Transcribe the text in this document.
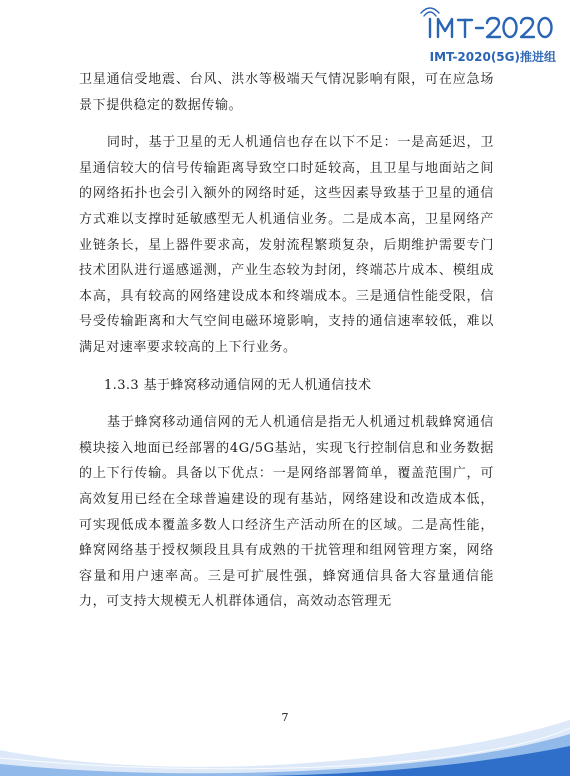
IMT-2020(5G)推进组

卫星通信受地震、台风、洪水等极端天气情况影响有限，可在应急场景下提供稳定的数据传输。

同时，基于卫星的无人机通信也存在以下不足：一是高延迟，卫星通信较大的信号传输距离导致空口时延较高，且卫星与地面站之间的网络拓扑也会引入额外的网络时延，这些因素导致基于卫星的通信方式难以支撑时延敏感型无人机通信业务。二是成本高，卫星网络产业链条长，星上器件要求高，发射流程繁琐复杂，后期维护需要专门技术团队进行遥感遥测，产业生态较为封闭，终端芯片成本、模组成本高，具有较高的网络建设成本和终端成本。三是通信性能受限，信号受传输距离和大气空间电磁环境影响，支持的通信速率较低，难以满足对速率要求较高的上下行业务。

1.3.3 基于蜂窝移动通信网的无人机通信技术

基于蜂窝移动通信网的无人机通信是指无人机通过机载蜂窝通信模块接入地面已经部署的4G/5G基站，实现飞行控制信息和业务数据的上下行传输。具备以下优点：一是网络部署简单，覆盖范围广，可高效复用已经在全球普遍建设的现有基站，网络建设和改造成本低，可实现低成本覆盖多数人口经济生产活动所在的区域。二是高性能，蜂窝网络基于授权频段且具有成熟的干扰管理和组网管理方案，网络容量和用户速率高。三是可扩展性强，蜂窝通信具备大容量通信能力，可支持大规模无人机群体通信，高效动态管理无

7
